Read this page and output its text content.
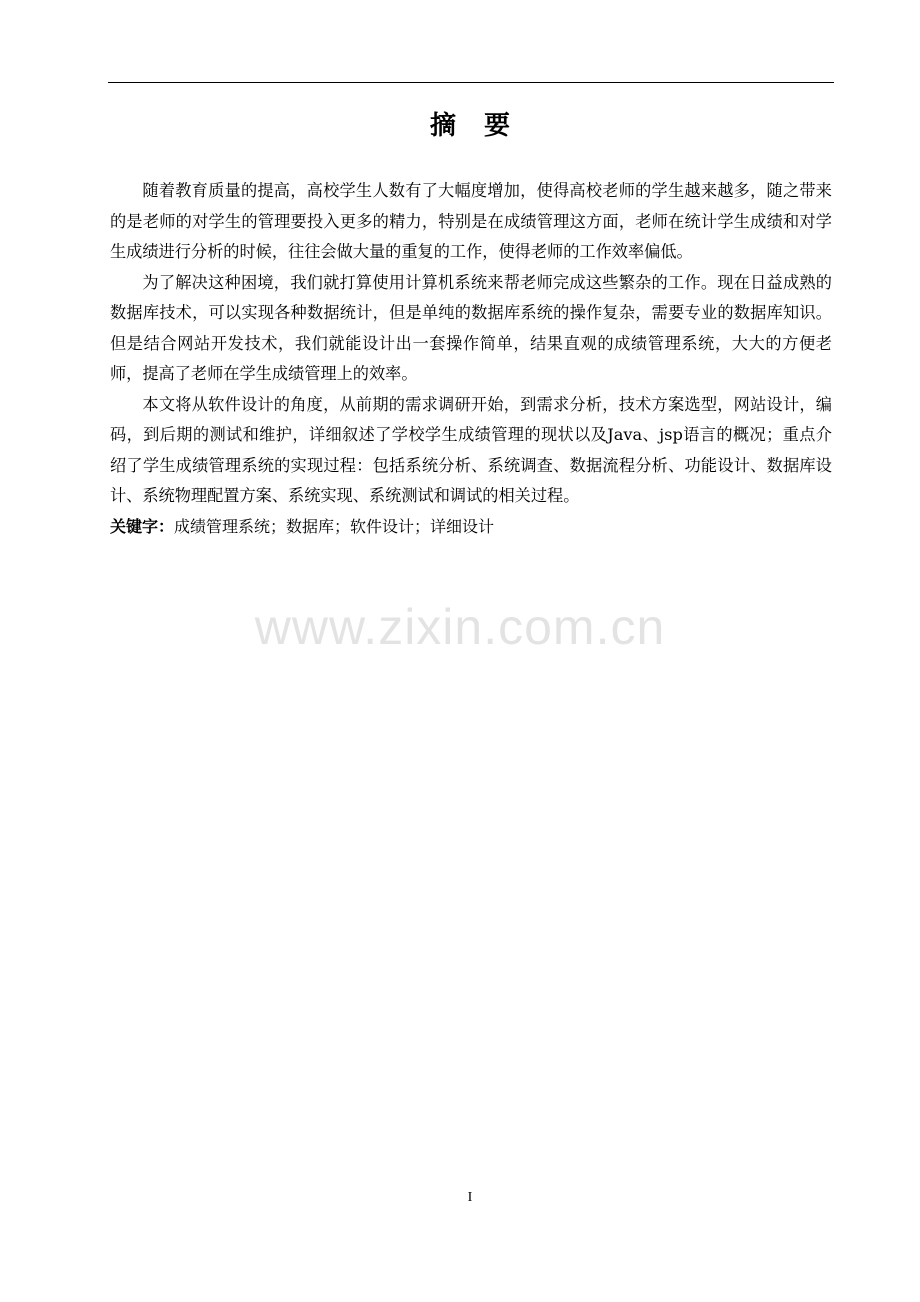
摘 要

随着教育质量的提高，高校学生人数有了大幅度增加，使得高校老师的学生越来越多，随之带来的是老师的对学生的管理要投入更多的精力，特别是在成绩管理这方面，老师在统计学生成绩和对学生成绩进行分析的时候，往往会做大量的重复的工作，使得老师的工作效率偏低。

为了解决这种困境，我们就打算使用计算机系统来帮老师完成这些繁杂的工作。现在日益成熟的数据库技术，可以实现各种数据统计，但是单纯的数据库系统的操作复杂，需要专业的数据库知识。但是结合网站开发技术，我们就能设计出一套操作简单，结果直观的成绩管理系统，大大的方便老师，提高了老师在学生成绩管理上的效率。

本文将从软件设计的角度，从前期的需求调研开始，到需求分析，技术方案选型，网站设计，编码，到后期的测试和维护，详细叙述了学校学生成绩管理的现状以及Java、jsp语言的概况；重点介绍了学生成绩管理系统的实现过程：包括系统分析、系统调查、数据流程分析、功能设计、数据库设计、系统物理配置方案、系统实现、系统测试和调试的相关过程。

关键字：成绩管理系统；数据库；软件设计；详细设计

www.zixin.com.cn
I
